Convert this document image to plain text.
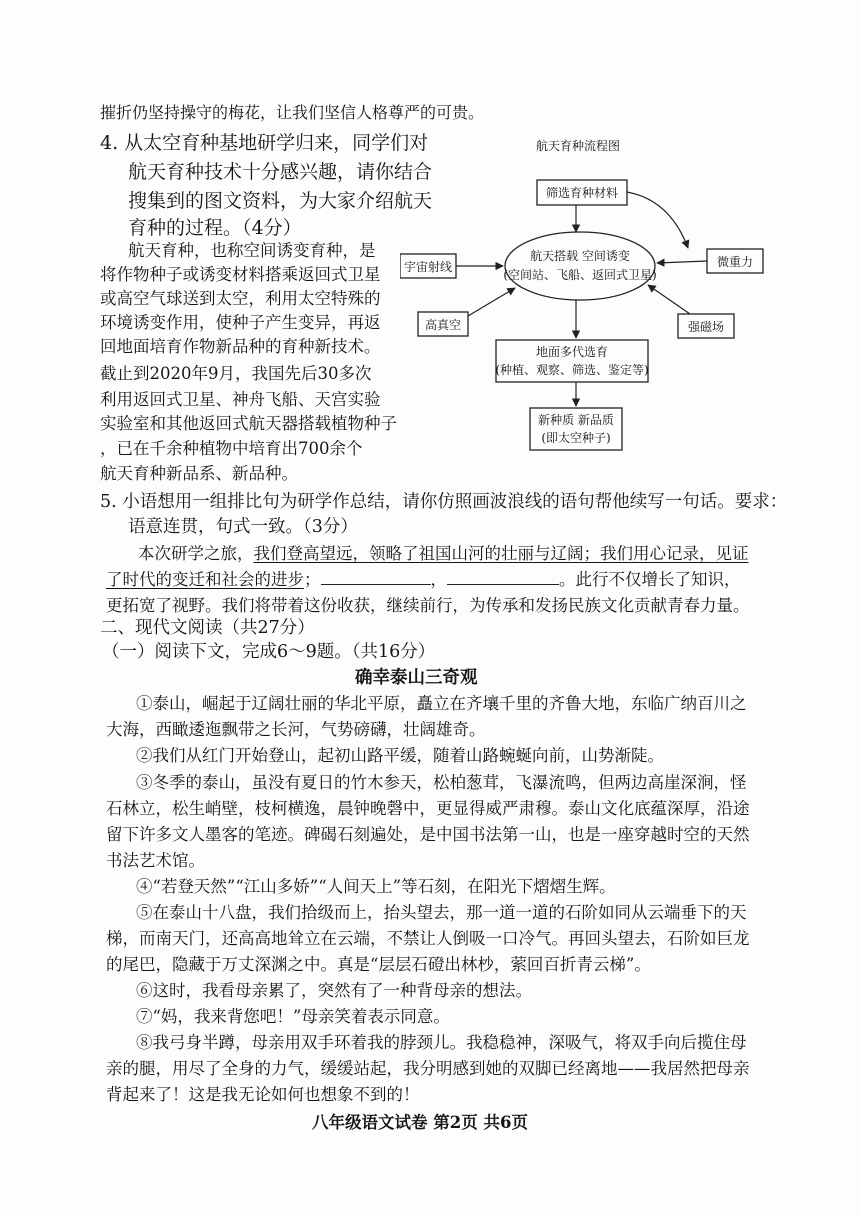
摧折仍坚持操守的梅花，让我们坚信人格尊严的可贵。
4. 从太空育种基地研学归来，同学们对
航天育种技术十分感兴趣，请你结合
搜集到的图文资料，为大家介绍航天
育种的过程。（4分）
航天育种，也称空间诱变育种，是
将作物种子或诱变材料搭乘返回式卫星
或高空气球送到太空，利用太空特殊的
环境诱变作用，使种子产生变异，再返
回地面培育作物新品种的育种新技术。
截止到2020年9月，我国先后30多次
利用返回式卫星、神舟飞船、天宫实验
实验室和其他返回式航天器搭载植物种子
，已在千余种植物中培育出700余个
航天育种新品系、新品种。
航天育种流程图
筛选育种材料
航天搭载 空间诱变
(空间站、飞船、返回式卫星)
宇宙射线
高真空
微重力
强磁场
地面多代选育
(种植、观察、筛选、鉴定等)
新种质 新品质
(即太空种子)
5. 小语想用一组排比句为研学作总结，请你仿照画波浪线的语句帮他续写一句话。要求：
语意连贯，句式一致。（3分）
本次研学之旅，我们登高望远，领略了祖国山河的壮丽与辽阔；我们用心记录，见证
了时代的变迁和社会的进步；	，	。此行不仅增长了知识，
更拓宽了视野。我们将带着这份收获，继续前行，为传承和发扬民族文化贡献青春力量。
二、现代文阅读（共27分）
（一）阅读下文，完成6～9题。（共16分）
确幸泰山三奇观
①泰山，崛起于辽阔壮丽的华北平原，矗立在齐壤千里的齐鲁大地，东临广纳百川之
大海，西瞰逶迤飘带之长河，气势磅礴，壮阔雄奇。
②我们从红门开始登山，起初山路平缓，随着山路蜿蜒向前，山势渐陡。
③冬季的泰山，虽没有夏日的竹木参天，松柏葱茸，飞瀑流鸣，但两边高崖深涧，怪
石林立，松生峭壁，枝柯横逸，晨钟晚磬中，更显得威严肃穆。泰山文化底蕴深厚，沿途
留下许多文人墨客的笔迹。碑碣石刻遍处，是中国书法第一山，也是一座穿越时空的天然
书法艺术馆。
④“若登天然”“江山多娇”“人间天上”等石刻，在阳光下熠熠生辉。
⑤在泰山十八盘，我们拾级而上，抬头望去，那一道一道的石阶如同从云端垂下的天
梯，而南天门，还高高地耸立在云端，不禁让人倒吸一口冷气。再回头望去，石阶如巨龙
的尾巴，隐藏于万丈深渊之中。真是“层层石磴出林杪，萦回百折青云梯”。
⑥这时，我看母亲累了，突然有了一种背母亲的想法。
⑦“妈，我来背您吧！”母亲笑着表示同意。
⑧我弓身半蹲，母亲用双手环着我的脖颈儿。我稳稳神，深吸气，将双手向后揽住母
亲的腿，用尽了全身的力气，缓缓站起，我分明感到她的双脚已经离地——我居然把母亲
背起来了！这是我无论如何也想象不到的！
八年级语文试卷 第2页 共6页
